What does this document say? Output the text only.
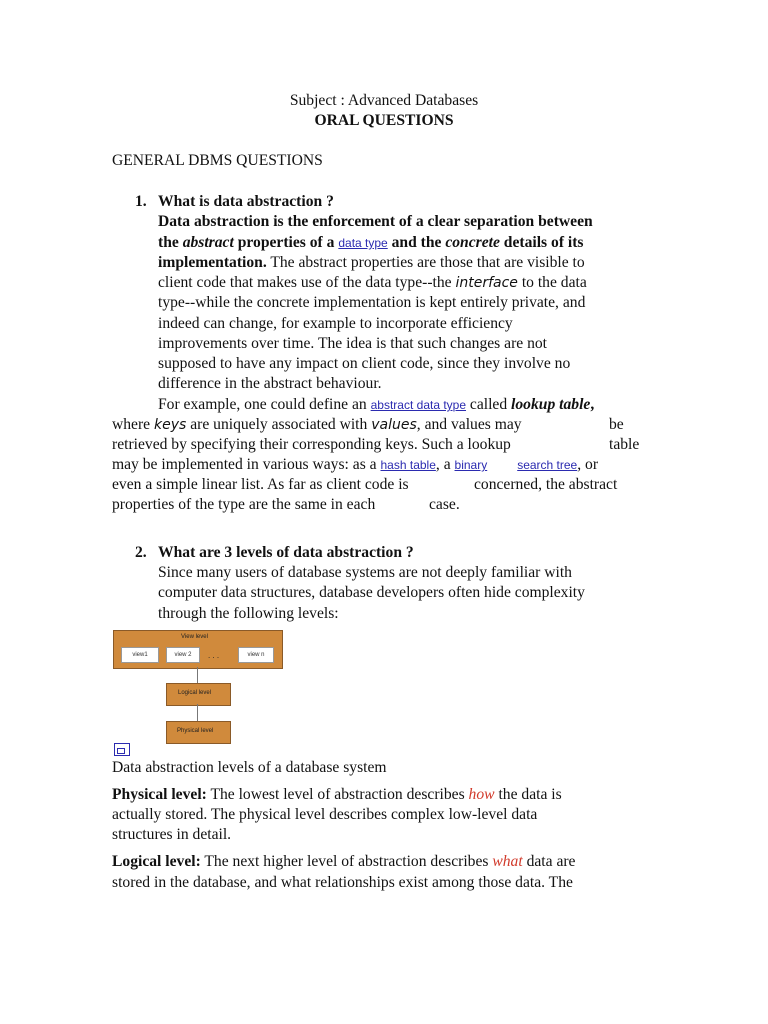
Subject : Advanced Databases
ORAL QUESTIONS
GENERAL DBMS QUESTIONS
1. What is data abstraction ?
Data abstraction is the enforcement of a clear separation between
the abstract properties of a data type and the concrete details of its
implementation. The abstract properties are those that are visible to
client code that makes use of the data type--the interface to the data
type--while the concrete implementation is kept entirely private, and
indeed can change, for example to incorporate efficiency
improvements over time. The idea is that such changes are not
supposed to have any impact on client code, since they involve no
difference in the abstract behaviour.
For example, one could define an abstract data type called lookup table,
where keys are uniquely associated with values, and values may	be
retrieved by specifying their corresponding keys. Such a lookup	table
may be implemented in various ways: as a hash table, a binary	search tree, or
even a simple linear list. As far as client code is	concerned, the abstract
properties of the type are the same in each	case.
2. What are 3 levels of data abstraction ?
Since many users of database systems are not deeply familiar with
computer data structures, database developers often hide complexity
through the following levels:
View level
view1	view 2	. . .	view n
Logical level
Physical level
Data abstraction levels of a database system
Physical level: The lowest level of abstraction describes how the data is
actually stored. The physical level describes complex low-level data
structures in detail.
Logical level: The next higher level of abstraction describes what data are
stored in the database, and what relationships exist among those data. The
